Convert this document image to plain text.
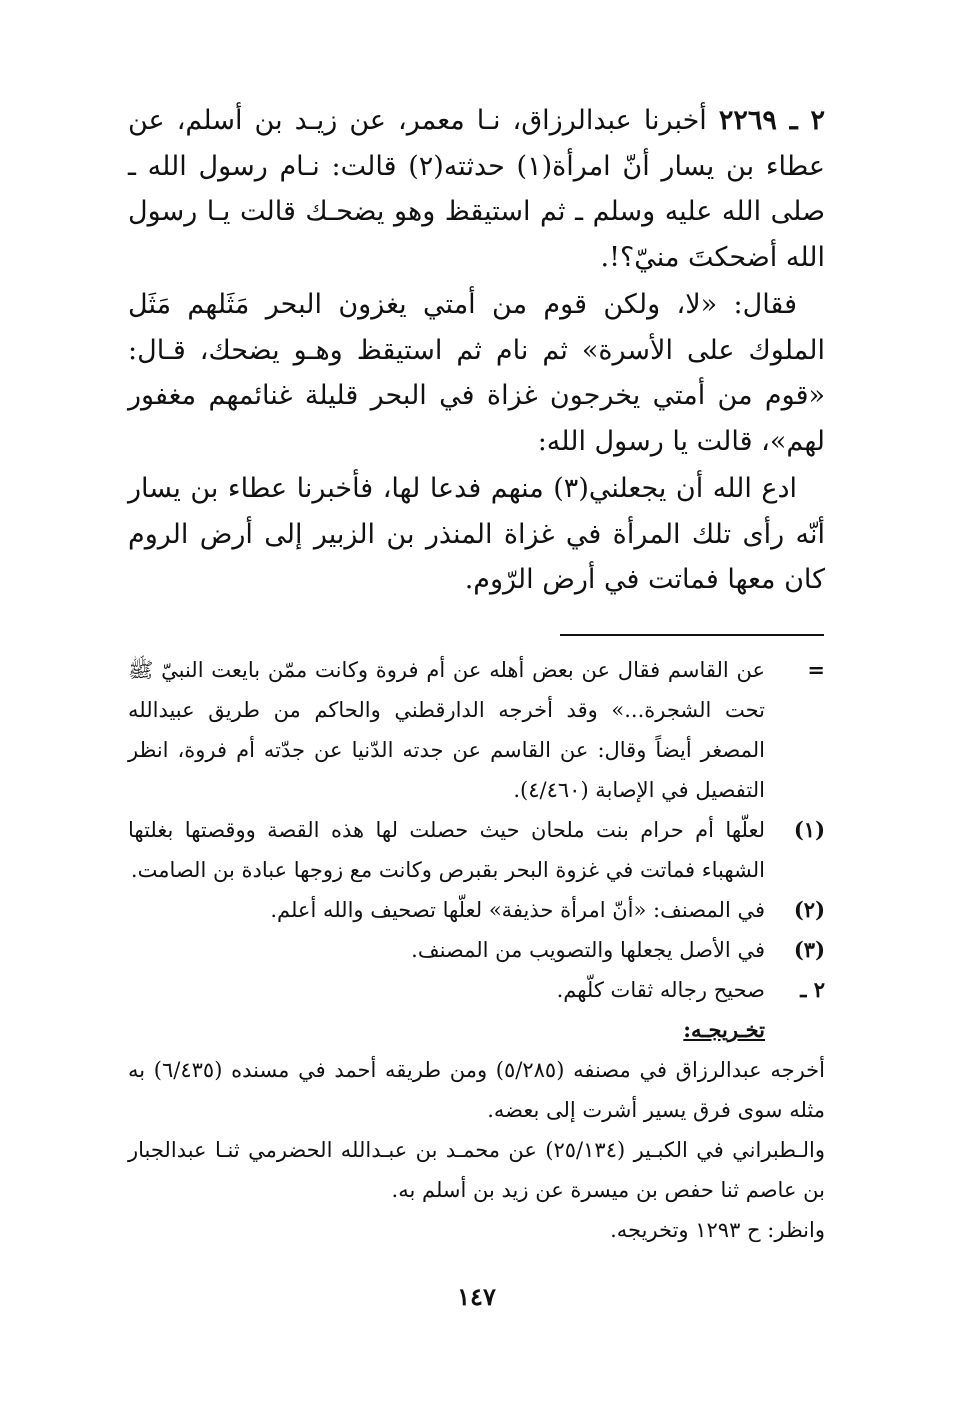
٢ ـ ٢٢٦٩أخبرنا عبدالرزاق، نـا معمر، عن زيـد بن أسلم، عن عطاء بن يسار أنّ امرأة(١) حدثته(٢) قالت: نـام رسول الله ـ صلى الله عليه وسلم ـ ثم استيقظ وهو يضحـك قالت يـا رسول الله أضحكتَ منيّ؟!.

فقال: «لا، ولكن قوم من أمتي يغزون البحر مَثَلهم مَثَل الملوك على الأسرة» ثم نام ثم استيقظ وهـو يضحك، قـال: «قوم من أمتي يخرجون غزاة في البحر قليلة غنائمهم مغفور لهم»، قالت يا رسول الله:

ادع الله أن يجعلني(٣) منهم فدعا لها، فأخبرنا عطاء بن يسار أنّه رأى تلك المرأة في غزاة المنذر بن الزبير إلى أرض الروم كان معها فماتت في أرض الرّوم.

=
عن القاسم فقال عن بعض أهله عن أم فروة وكانت ممّن بايعت النبيّ ﷺ تحت الشجرة...» وقد أخرجه الدارقطني والحاكم من طريق عبيدالله المصغر أيضاً وقال: عن القاسم عن جدته الدّنيا عن جدّته أم فروة، انظر التفصيل في الإصابة (٤/٤٦٠).
(١)
لعلّها أم حرام بنت ملحان حيث حصلت لها هذه القصة ووقصتها بغلتها الشهباء فماتت في غزوة البحر بقبرص وكانت مع زوجها عبادة بن الصامت.
(٢)
في المصنف: «أنّ امرأة حذيفة» لعلّها تصحيف والله أعلم.
(٣)
في الأصل يجعلها والتصويب من المصنف.
٢ ـ
صحيح رجاله ثقات كلّهم.
تخـريجـه:
أخرجه عبدالرزاق في مصنفه (٥/٢٨٥) ومن طريقه أحمد في مسنده (٦/٤٣٥) به مثله سوى فرق يسير أشرت إلى بعضه.
والـطبراني في الكبـير (٢٥/١٣٤) عن محمـد بن عبـدالله الحضرمي ثنـا عبدالجبار بن عاصم ثنا حفص بن ميسرة عن زيد بن أسلم به.
وانظر: ح ١٢٩٣ وتخريجه.
١٤٧
